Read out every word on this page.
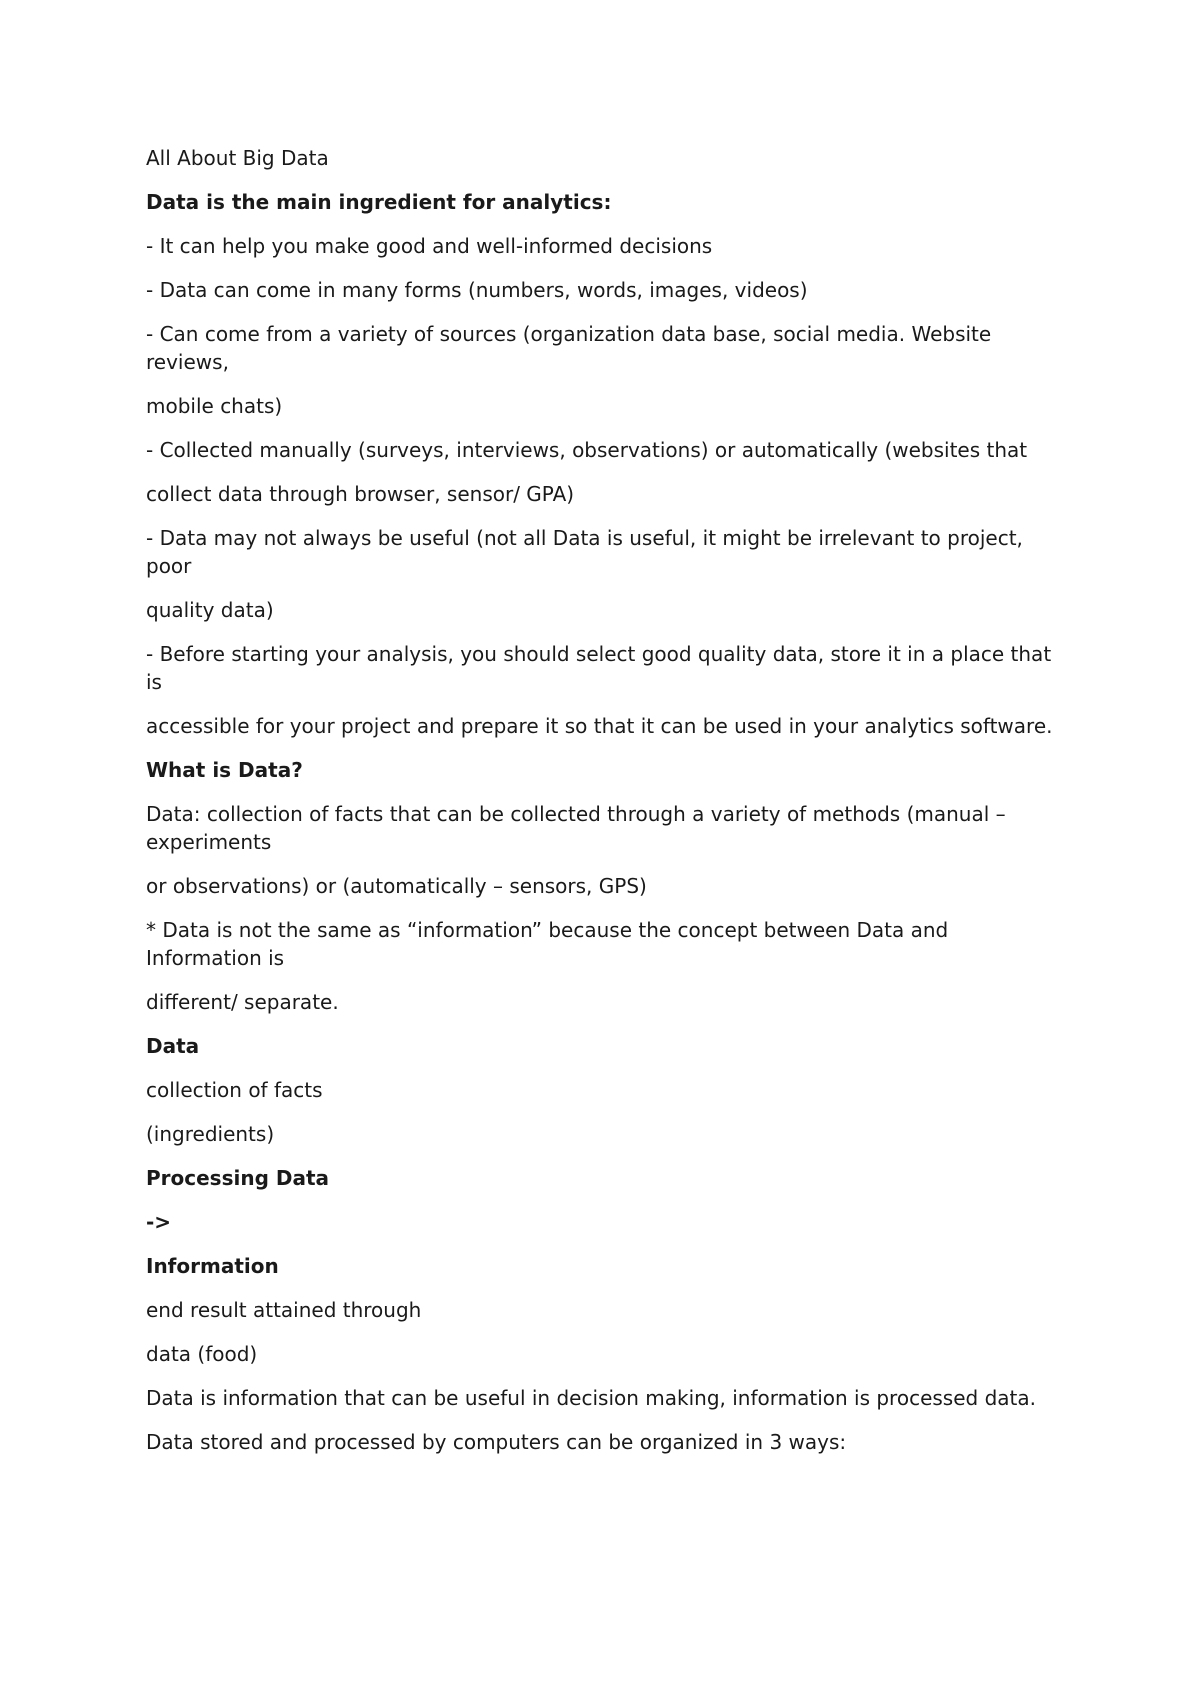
All About Big Data

Data is the main ingredient for analytics:

- It can help you make good and well-informed decisions

- Data can come in many forms (numbers, words, images, videos)

- Can come from a variety of sources (organization data base, social media. Website reviews,

mobile chats)

- Collected manually (surveys, interviews, observations) or automatically (websites that

collect data through browser, sensor/ GPA)

- Data may not always be useful (not all Data is useful, it might be irrelevant to project, poor

quality data)

- Before starting your analysis, you should select good quality data, store it in a place that is

accessible for your project and prepare it so that it can be used in your analytics software.

What is Data?

Data: collection of facts that can be collected through a variety of methods (manual – experiments

or observations) or (automatically – sensors, GPS)

* Data is not the same as “information” because the concept between Data and Information is

different/ separate.

Data

collection of facts

(ingredients)

Processing Data

->

Information

end result attained through

data (food)

Data is information that can be useful in decision making, information is processed data.

Data stored and processed by computers can be organized in 3 ways:
